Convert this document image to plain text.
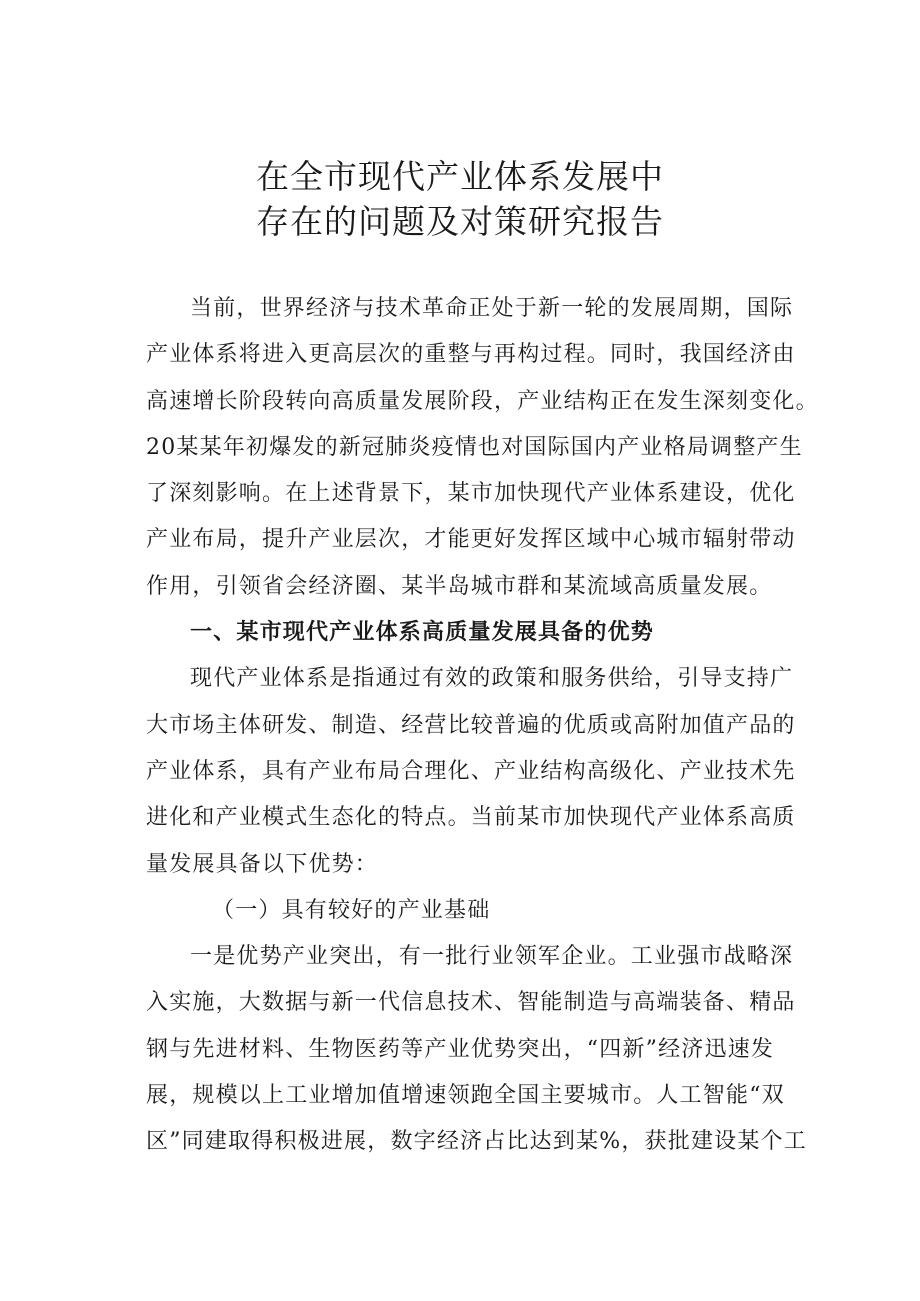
在全市现代产业体系发展中
存在的问题及对策研究报告
当前，世界经济与技术革命正处于新一轮的发展周期，国际
产业体系将进入更高层次的重整与再构过程。同时，我国经济由
高速增长阶段转向高质量发展阶段，产业结构正在发生深刻变化。
20某某年初爆发的新冠肺炎疫情也对国际国内产业格局调整产生
了深刻影响。在上述背景下，某市加快现代产业体系建设，优化
产业布局，提升产业层次，才能更好发挥区域中心城市辐射带动
作用，引领省会经济圈、某半岛城市群和某流域高质量发展。
一、某市现代产业体系高质量发展具备的优势
现代产业体系是指通过有效的政策和服务供给，引导支持广
大市场主体研发、制造、经营比较普遍的优质或高附加值产品的
产业体系，具有产业布局合理化、产业结构高级化、产业技术先
进化和产业模式生态化的特点。当前某市加快现代产业体系高质
量发展具备以下优势：
（一）具有较好的产业基础
一是优势产业突出，有一批行业领军企业。工业强市战略深
入实施，大数据与新一代信息技术、智能制造与高端装备、精品
钢与先进材料、生物医药等产业优势突出，“四新”经济迅速发
展，规模以上工业增加值增速领跑全国主要城市。人工智能“双
区”同建取得积极进展，数字经济占比达到某%，获批建设某个工
